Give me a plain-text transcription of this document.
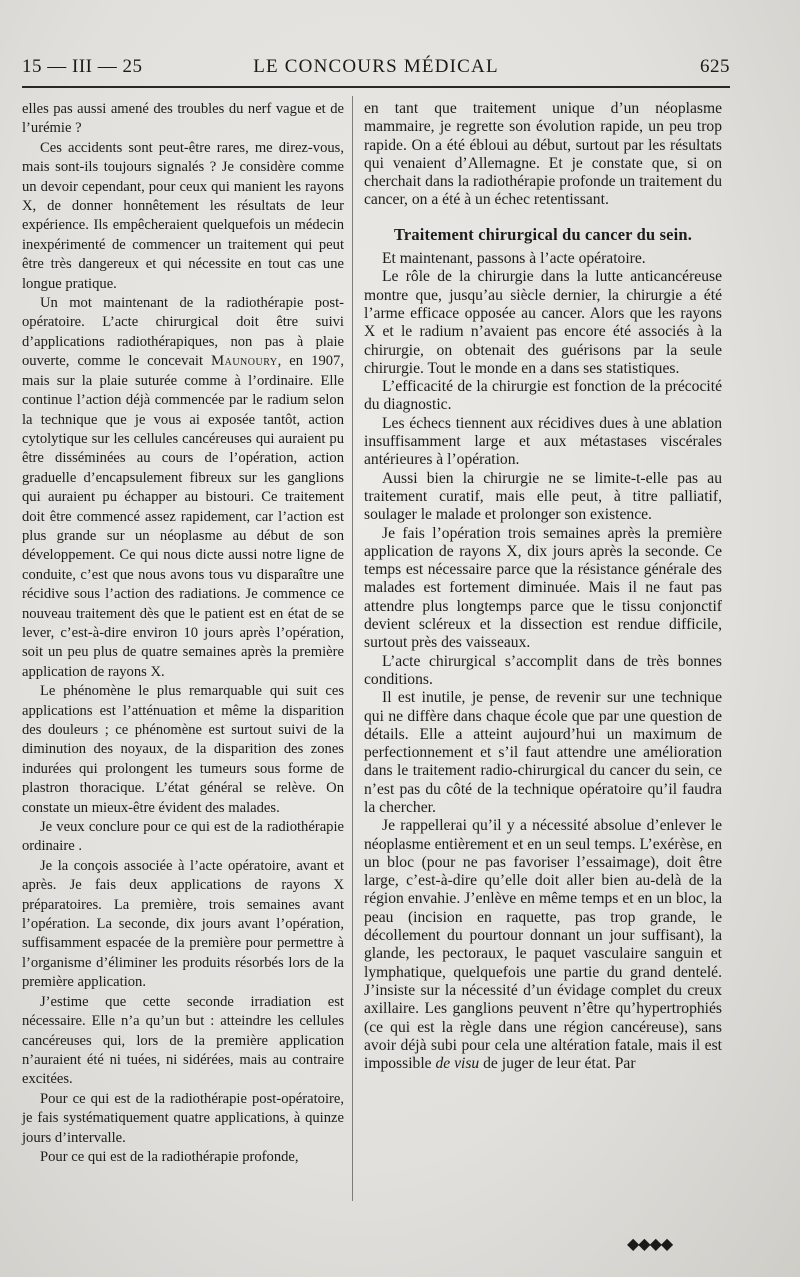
15 — III — 25	LE CONCOURS MÉDICAL	625

elles pas aussi amené des troubles du nerf vague et de l’urémie ?

Ces accidents sont peut-être rares, me direz-vous, mais sont-ils toujours signalés ? Je considère comme un devoir cependant, pour ceux qui manient les rayons X, de donner honnêtement les résultats de leur expérience. Ils empêcheraient quelquefois un médecin inexpérimenté de commencer un traitement qui peut être très dangereux et qui nécessite en tout cas une longue pratique.

Un mot maintenant de la radiothérapie post-opératoire. L’acte chirurgical doit être suivi d’applications radiothérapiques, non pas à plaie ouverte, comme le concevait Maunoury, en 1907, mais sur la plaie suturée comme à l’ordinaire. Elle continue l’action déjà commencée par le radium selon la technique que je vous ai exposée tantôt, action cytolytique sur les cellules cancéreuses qui auraient pu être disséminées au cours de l’opération, action graduelle d’encapsulement fibreux sur les ganglions qui auraient pu échapper au bistouri. Ce traitement doit être commencé assez rapidement, car l’action est plus grande sur un néoplasme au début de son développement. Ce qui nous dicte aussi notre ligne de conduite, c’est que nous avons tous vu disparaître une récidive sous l’action des radiations. Je commence ce nouveau traitement dès que le patient est en état de se lever, c’est-à-dire environ 10 jours après l’opération, soit un peu plus de quatre semaines après la première application de rayons X.

Le phénomène le plus remarquable qui suit ces applications est l’atténuation et même la disparition des douleurs ; ce phénomène est surtout suivi de la diminution des noyaux, de la disparition des zones indurées qui prolongent les tumeurs sous forme de plastron thoracique. L’état général se relève. On constate un mieux-être évident des malades.

Je veux conclure pour ce qui est de la radiothérapie ordinaire .

Je la conçois associée à l’acte opératoire, avant et après. Je fais deux applications de rayons X préparatoires. La première, trois semaines avant l’opération. La seconde, dix jours avant l’opération, suffisamment espacée de la première pour permettre à l’organisme d’éliminer les produits résorbés lors de la première application.

J’estime que cette seconde irradiation est nécessaire. Elle n’a qu’un but : atteindre les cellules cancéreuses qui, lors de la première application n’auraient été ni tuées, ni sidérées, mais au contraire excitées.

Pour ce qui est de la radiothérapie post-opératoire, je fais systématiquement quatre applications, à quinze jours d’intervalle.

Pour ce qui est de la radiothérapie profonde,

en tant que traitement unique d’un néoplasme mammaire, je regrette son évolution rapide, un peu trop rapide. On a été ébloui au début, surtout par les résultats qui venaient d’Allemagne. Et je constate que, si on cherchait dans la radiothérapie profonde un traitement du cancer, on a été à un échec retentissant.

Traitement chirurgical du cancer du sein.

Et maintenant, passons à l’acte opératoire.

Le rôle de la chirurgie dans la lutte anticancéreuse montre que, jusqu’au siècle dernier, la chirurgie a été l’arme efficace opposée au cancer. Alors que les rayons X et le radium n’avaient pas encore été associés à la chirurgie, on obtenait des guérisons par la seule chirurgie. Tout le monde en a dans ses statistiques.

L’efficacité de la chirurgie est fonction de la précocité du diagnostic.

Les échecs tiennent aux récidives dues à une ablation insuffisamment large et aux métastases viscérales antérieures à l’opération.

Aussi bien la chirurgie ne se limite-t-elle pas au traitement curatif, mais elle peut, à titre palliatif, soulager le malade et prolonger son existence.

Je fais l’opération trois semaines après la première application de rayons X, dix jours après la seconde. Ce temps est nécessaire parce que la résistance générale des malades est fortement diminuée. Mais il ne faut pas attendre plus longtemps parce que le tissu conjonctif devient scléreux et la dissection est rendue difficile, surtout près des vaisseaux.

L’acte chirurgical s’accomplit dans de très bonnes conditions.

Il est inutile, je pense, de revenir sur une technique qui ne diffère dans chaque école que par une question de détails. Elle a atteint aujourd’hui un maximum de perfectionnement et s’il faut attendre une amélioration dans le traitement radio-chirurgical du cancer du sein, ce n’est pas du côté de la technique opératoire qu’il faudra la chercher.

Je rappellerai qu’il y a nécessité absolue d’enlever le néoplasme entièrement et en un seul temps. L’exérèse, en un bloc (pour ne pas favoriser l’essaimage), doit être large, c’est-à-dire qu’elle doit aller bien au-delà de la région envahie. J’enlève en même temps et en un bloc, la peau (incision en raquette, pas trop grande, le décollement du pourtour donnant un jour suffisant), la glande, les pectoraux, le paquet vasculaire sanguin et lymphatique, quelquefois une partie du grand dentelé. J’insiste sur la nécessité d’un évidage complet du creux axillaire. Les ganglions peuvent n’être qu’hypertrophiés (ce qui est la règle dans une région cancéreuse), sans avoir déjà subi pour cela une altération fatale, mais il est impossible de visu de juger de leur état. Par

◆◆◆◆
